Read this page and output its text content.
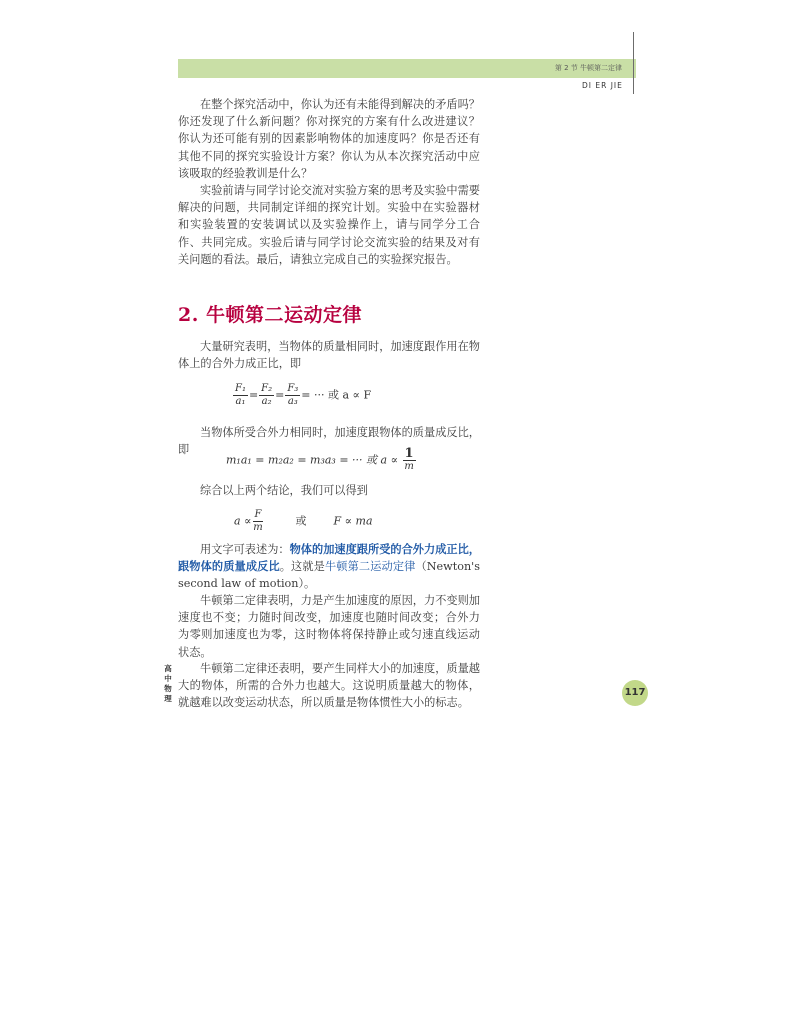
第 2 节 牛顿第二定律
DI ER JIE

在整个探究活动中，你认为还有未能得到解决的矛盾吗？你还发现了什么新问题？你对探究的方案有什么改进建议？你认为还可能有别的因素影响物体的加速度吗？你是否还有其他不同的探究实验设计方案？你认为从本次探究活动中应该吸取的经验教训是什么？

实验前请与同学讨论交流对实验方案的思考及实验中需要解决的问题，共同制定详细的探究计划。实验中在实验器材和实验装置的安装调试以及实验操作上，请与同学分工合作、共同完成。实验后请与同学讨论交流实验的结果及对有关问题的看法。最后，请独立完成自己的实验探究报告。

2. 牛顿第二运动定律

大量研究表明，当物体的质量相同时，加速度跟作用在物体上的合外力成正比，即

$\frac{\text{F₁}}{\text{a₁}} = \frac{\text{F₂}}{\text{a₂}} = \frac{\text{F₃}}{\text{a₃}}$ = ··· 或 a ∝ F

当物体所受合外力相同时，加速度跟物体的质量成反比，即

m₁a₁ = m₂a₂ = m₃a₃ = ··· 或 $a \propto \frac{1}{m}$

综合以上两个结论，我们可以得到

$a \propto \frac{F}{m}$	或 F ∝ ma

用文字可表述为：物体的加速度跟所受的合外力成正比，跟物体的质量成反比。这就是牛顿第二运动定律（Newton's second law of motion）。

牛顿第二定律表明，力是产生加速度的原因，力不变则加速度也不变；力随时间改变，加速度也随时间改变；合外力为零则加速度也为零，这时物体将保持静止或匀速直线运动状态。

牛顿第二定律还表明，要产生同样大小的加速度，质量越大的物体，所需的合外力也越大。这说明质量越大的物体，就越难以改变运动状态，所以质量是物体惯性大小的标志。

高中物理
117
